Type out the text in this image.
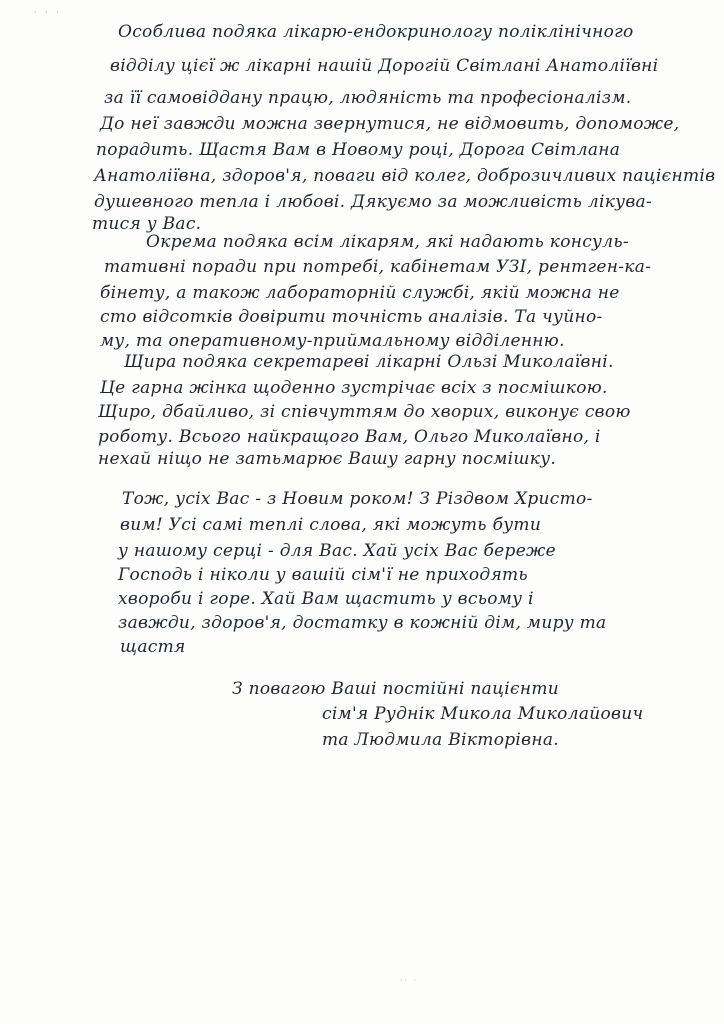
· · ·
Особлива подяка лікарю-ендокринологу поліклінічного
відділу цієї ж лікарні нашій Дорогій Світлані Анатоліївні
за її самовіддану працю, людяність та професіоналізм.
До неї завжди можна звернутися, не відмовить, допоможе,
порадить. Щастя Вам в Новому році, Дорога Світлана
Анатоліївна, здоров'я, поваги від колег, доброзичливих пацієнтів
душевного тепла і любові. Дякуємо за можливість лікува-
тися у Вас.
Окрема подяка всім лікарям, які надають консуль-
тативні поради при потребі, кабінетам УЗІ, рентген-ка-
бінету, а також лабораторній службі, якій можна не
сто відсотків довірити точність аналізів. Та чуйно-
му, та оперативному-приймальному відділенню.
Щира подяка секретареві лікарні Ользі Миколаївні.
Це гарна жінка щоденно зустрічає всіх з посмішкою.
Щиро, дбайливо, зі співчуттям до хворих, виконує свою
роботу. Всього найкращого Вам, Ольго Миколаївно, і
нехай ніщо не затьмарює Вашу гарну посмішку.
Тож, усіх Вас - з Новим роком! З Різдвом Христо-
вим! Усі самі теплі слова, які можуть бути
у нашому серці - для Вас. Хай усіх Вас береже
Господь і ніколи у вашій сім'ї не приходять
хвороби і горе. Хай Вам щастить у всьому і
завжди, здоров'я, достатку в кожній дім, миру та
щастя
З повагою Ваші постійні пацієнти
сім'я Руднік Микола Миколайович
та Людмила Вікторівна.
·· ·
